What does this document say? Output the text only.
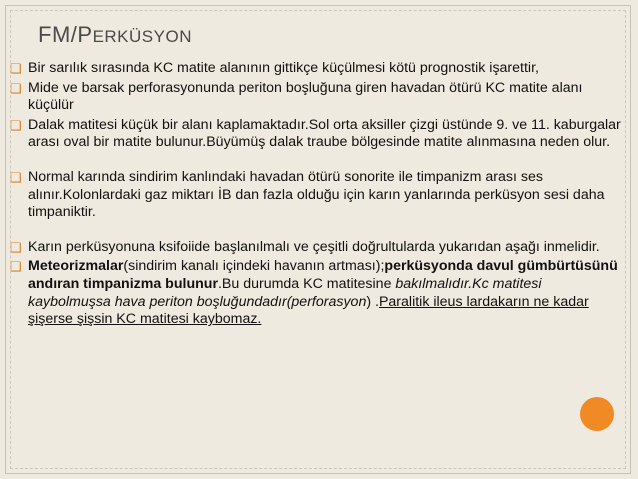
FM/PERKÜSYON
❑ Bir sarılık sırasında KC matite alanının gittikçe küçülmesi kötü prognostik işarettir,
❑ Mide ve barsak perforasyonunda periton boşluğuna giren havadan ötürü KC matite alanı küçülür
❑ Dalak matitesi küçük bir alanı kaplamaktadır.Sol orta aksiller çizgi üstünde 9. ve 11. kaburgalar arası oval bir matite bulunur.Büyümüş dalak traube bölgesinde matite alınmasına neden olur.
❑ Normal karında sindirim kanlındaki havadan ötürü sonorite ile timpanizm arası ses alınır.Kolonlardaki gaz miktarı İB dan fazla olduğu için karın yanlarında perküsyon sesi daha timpaniktir.
❑ Karın perküsyonuna ksifoiide başlanılmalı ve çeşitli doğrultularda yukarıdan aşağı inmelidir.
❑ Meteorizmalar(sindirim kanalı içindeki havanın artması);perküsyonda davul gümbürtüsünü andıran timpanizma bulunur.Bu durumda KC matitesine bakılmalıdır.Kc matitesi kaybolmuşsa hava periton boşluğundadır(perforasyon) .Paralitik ileus lardakarın ne kadar şişerse şişsin KC matitesi kaybomaz.
